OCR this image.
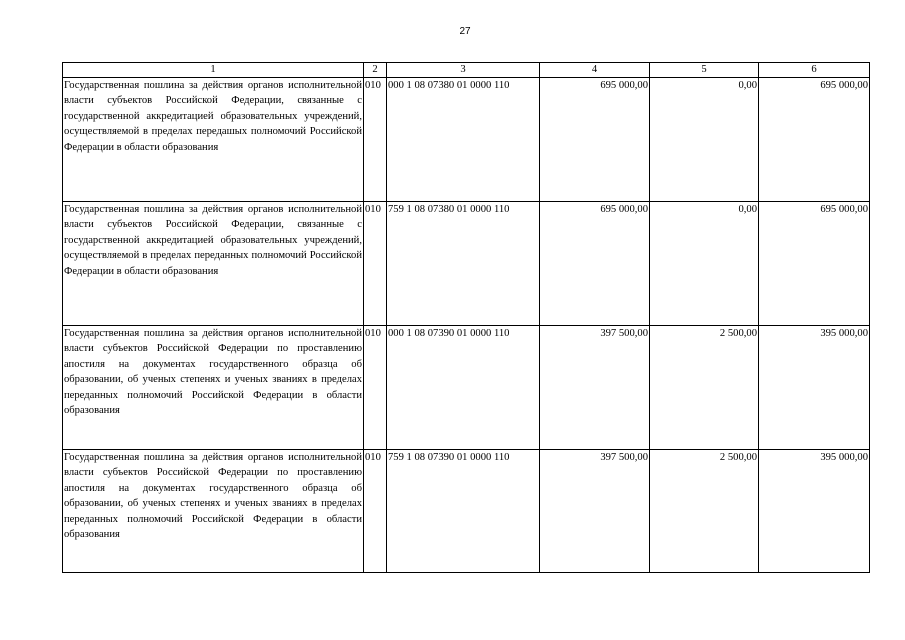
27
1	2	3	4	5	6
Государственная пошлина за действия органов исполнительной власти субъектов Российской Федерации, связанные с государственной аккредитацией образовательных учреждений, осуществляемой в пределах передашых полномочий Российской Федерации в области образования	010	000 1 08 07380 01 0000 110	695 000,00	0,00	695 000,00
Государственная пошлина за действия органов исполнительной власти субъектов Российской Федерации, связанные с государственной аккредитацией образовательных учреждений, осуществляемой в пределах переданных полномочий Российской Федерации в области образования	010	759 1 08 07380 01 0000 110	695 000,00	0,00	695 000,00
Государственная пошлина за действия органов исполнительной власти субъектов Российской Федерации по проставлению апостиля на документах государственного образца об образовании, об ученых степенях и ученых званиях в пределах переданных полномочий Российской Федерации в области образования	010	000 1 08 07390 01 0000 110	397 500,00	2 500,00	395 000,00
Государственная пошлина за действия органов исполнительной власти субъектов Российской Федерации по проставлению апостиля на документах государственного образца об образовании, об ученых степенях и ученых званиях в пределах переданных полномочий Российской Федерации в области образования	010	759 1 08 07390 01 0000 110	397 500,00	2 500,00	395 000,00
